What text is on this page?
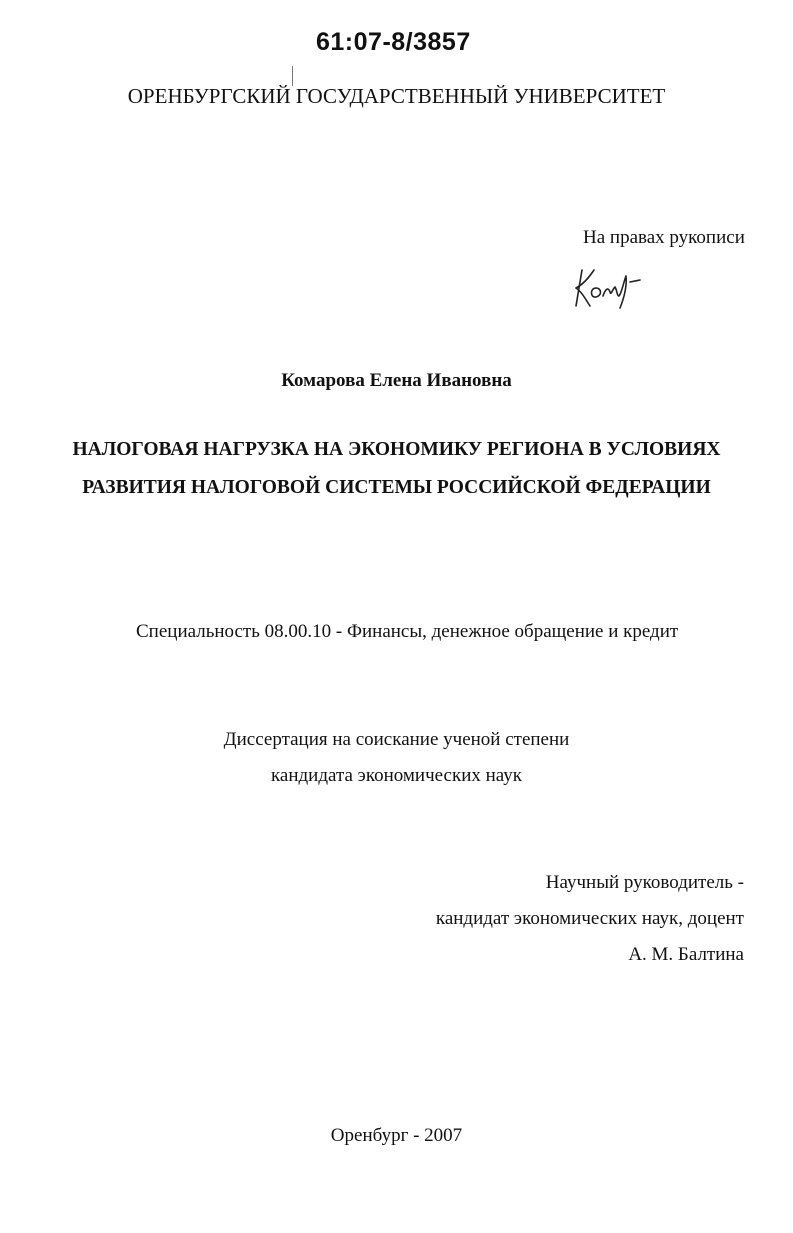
61:07-8/3857
ОРЕНБУРГСКИЙ ГОСУДАРСТВЕННЫЙ УНИВЕРСИТЕТ
На правах рукописи
Комарова Елена Ивановна
НАЛОГОВАЯ НАГРУЗКА НА ЭКОНОМИКУ РЕГИОНА В УСЛОВИЯХ
РАЗВИТИЯ НАЛОГОВОЙ СИСТЕМЫ РОССИЙСКОЙ ФЕДЕРАЦИИ
Специальность 08.00.10 - Финансы, денежное обращение и кредит
Диссертация на соискание ученой степени
кандидата экономических наук
Научный руководитель -
кандидат экономических наук, доцент
А. М. Балтина
Оренбург - 2007
